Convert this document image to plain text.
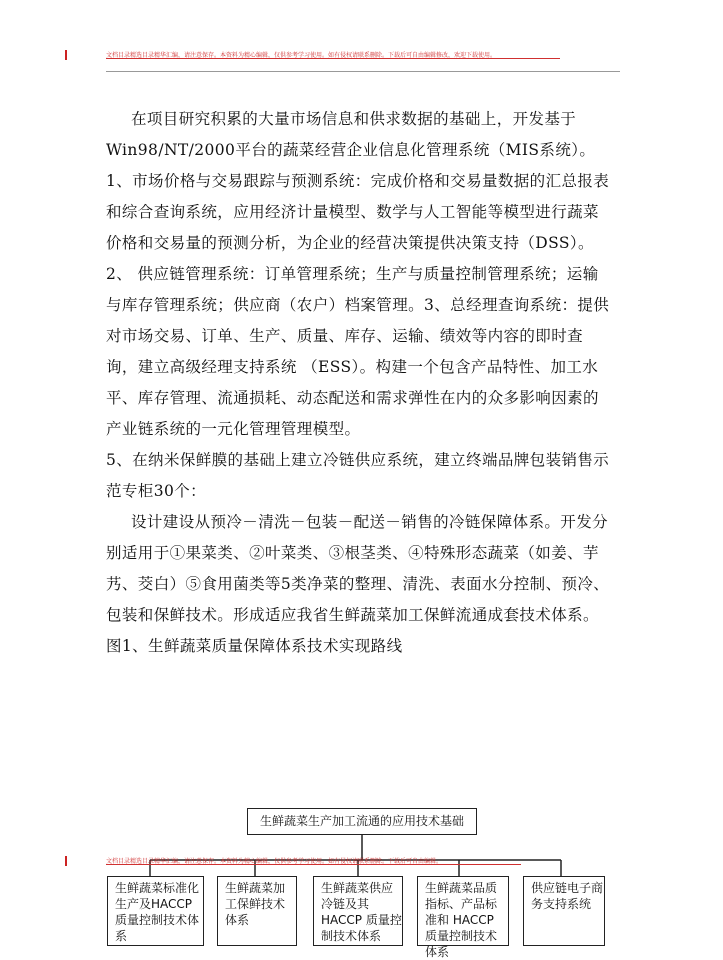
文档目录精选目录精华汇编，请注意保存。本资料为精心编辑，仅供参考学习使用。如有侵权请联系删除。下载后可自由编辑修改，欢迎下载使用。

在项目研究积累的大量市场信息和供求数据的基础上，开发基于Win98/NT/2000平台的蔬菜经营企业信息化管理系统（MIS系统）。1、市场价格与交易跟踪与预测系统：完成价格和交易量数据的汇总报表和综合查询系统，应用经济计量模型、数学与人工智能等模型进行蔬菜价格和交易量的预测分析，为企业的经营决策提供决策支持（DSS）。2、 供应链管理系统：订单管理系统；生产与质量控制管理系统；运输与库存管理系统；供应商（农户）档案管理。3、总经理查询系统：提供对市场交易、订单、生产、质量、库存、运输、绩效等内容的即时查询，建立高级经理支持系统 （ESS）。构建一个包含产品特性、加工水平、库存管理、流通损耗、动态配送和需求弹性在内的众多影响因素的产业链系统的一元化管理管理模型。

5、在纳米保鲜膜的基础上建立冷链供应系统，建立终端品牌包装销售示范专柜30个：

设计建设从预冷－清洗－包装－配送－销售的冷链保障体系。开发分别适用于①果菜类、②叶菜类、③根茎类、④特殊形态蔬菜（如姜、芋艿、茭白）⑤食用菌类等5类净菜的整理、清洗、表面水分控制、预冷、包装和保鲜技术。形成适应我省生鲜蔬菜加工保鲜流通成套技术体系。

图1、生鲜蔬菜质量保障体系技术实现路线

生鲜蔬菜生产加工流通的应用技术基础
生鲜蔬菜标准化生产及HACCP 质量控制技术体系
生鲜蔬菜加工保鲜技术体系
生鲜蔬菜供应冷链及其HACCP 质量控制技术体系
生鲜蔬菜品质指标、产品标准和 HACCP 质量控制技术体系
供应链电子商务支持系统
文档目录精选目录精华汇编，请注意保存。本资料为精心编辑，仅供参考学习使用。如有侵权请联系删除。下载后可自由编辑。
